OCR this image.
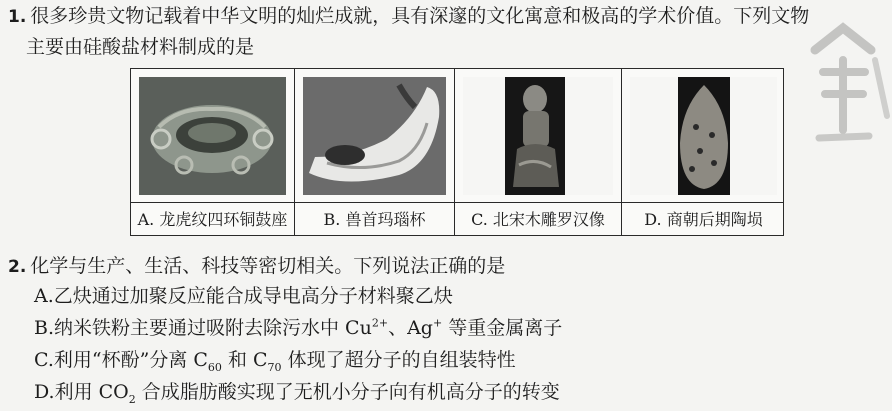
1. 很多珍贵文物记载着中华文明的灿烂成就，具有深邃的文化寓意和极高的学术价值。下列文物
主要由硅酸盐材料制成的是
A. 龙虎纹四环铜鼓座	B. 兽首玛瑙杯	C. 北宋木雕罗汉像	D. 商朝后期陶埙
2. 化学与生产、生活、科技等密切相关。下列说法正确的是
A.乙炔通过加聚反应能合成导电高分子材料聚乙炔
B.纳米铁粉主要通过吸附去除污水中 $Cu^{2+}$、Ag+ 等重金属离子
C.利用“杯酚”分离 $C_{60}$ 和 $C_{70}$ 体现了超分子的自组装特性
D.利用 $CO_2$ 合成脂肪酸实现了无机小分子向有机高分子的转变
